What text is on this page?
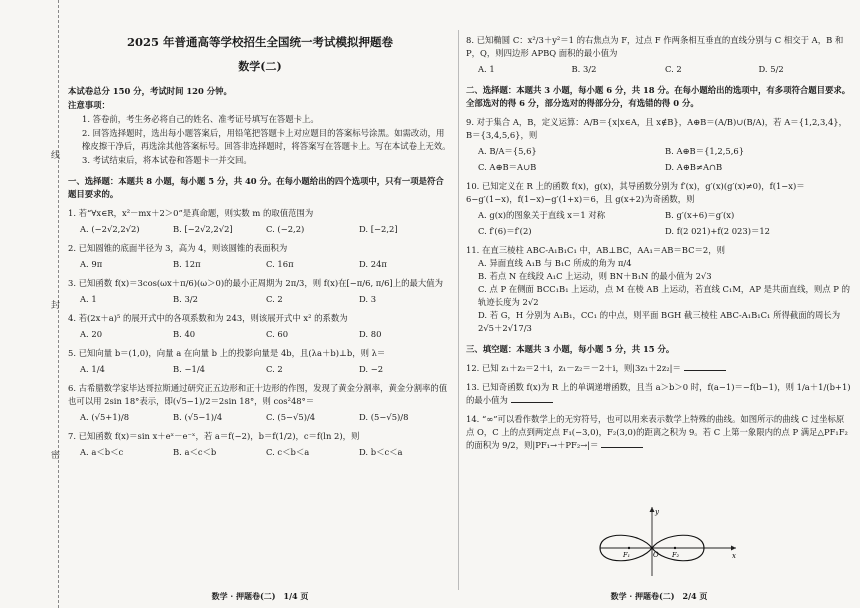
线
封
密
2025 年普通高等学校招生全国统一考试模拟押题卷
数学(二)

本试卷总分 150 分，考试时间 120 分钟。

注意事项：

1. 答卷前，考生务必将自己的姓名、准考证号填写在答题卡上。

2. 回答选择题时，选出每小题答案后，用铅笔把答题卡上对应题目的答案标号涂黑。如需改动，用橡皮擦干净后，再选涂其他答案标号。回答非选择题时，将答案写在答题卡上。写在本试卷上无效。

3. 考试结束后，将本试卷和答题卡一并交回。

一、选择题：本题共 8 小题，每小题 5 分，共 40 分。在每小题给出的四个选项中，只有一项是符合题目要求的。
1. 若“∀x∈R，x²－mx＋2＞0”是真命题，则实数 m 的取值范围为
A. (−2√2,2√2)	B. [−2√2,2√2]	C. (−2,2)	D. [−2,2]
2. 已知圆锥的底面半径为 3，高为 4，则该圆锥的表面积为
A. 9π	B. 12π	C. 16π	D. 24π
3. 已知函数 f(x)＝3cos(ωx＋π/6)(ω＞0)的最小正周期为 2π/3，则 f(x)在[−π/6, π/6]上的最大值为
A. 1	B. 3/2	C. 2	D. 3
4. 若(2x＋a)⁵ 的展开式中的各项系数和为 243，则该展开式中 x² 的系数为
A. 20	B. 40	C. 60	D. 80
5. 已知向量 b＝(1,0)，向量 a 在向量 b 上的投影向量是 4b，且(λa＋b)⊥b，则 λ＝
A. 1/4	B. −1/4	C. 2	D. −2
6. 古希腊数学家毕达哥拉斯通过研究正五边形和正十边形的作图，发现了黄金分割率，黄金分割率的值也可以用 2sin 18°表示，即(√5−1)/2＝2sin 18°，则 cos²48°＝
A. (√5+1)/8	B. (√5−1)/4	C. (5−√5)/4	D. (5−√5)/8
7. 已知函数 f(x)＝sin x＋eˣ－e⁻ˣ，若 a＝f(−2)，b＝f(1/2)，c＝f(ln 2)，则
A. a＜b＜c	B. a＜c＜b	C. c＜b＜a	D. b＜c＜a
数学 · 押题卷(二)　1/4 页
8. 已知椭圆 C：x²/3＋y²＝1 的右焦点为 F，过点 F 作两条相互垂直的直线分别与 C 相交于 A，B 和 P，Q，则四边形 APBQ 面积的最小值为
A. 1	B. 3/2	C. 2	D. 5/2
二、选择题：本题共 3 小题，每小题 6 分，共 18 分。在每小题给出的选项中，有多项符合题目要求。全部选对的得 6 分，部分选对的得部分分，有选错的得 0 分。
9. 对于集合 A，B，定义运算：A/B＝{x|x∈A，且 x∉B}，A⊕B＝(A/B)∪(B/A)，若 A＝{1,2,3,4}，B＝{3,4,5,6}，则
A. B/A＝{5,6}	B. A⊕B＝{1,2,5,6}
C. A⊕B＝A∪B	D. A⊕B≠A∩B
10. 已知定义在 R 上的函数 f(x)，g(x)，其导函数分别为 f′(x)，g′(x)(g′(x)≠0)，f(1−x)＝6−g′(1−x)，f(1−x)−g′(1+x)＝6，且 g(x+2)为奇函数，则
A. g(x)的图象关于直线 x＝1 对称	B. g′(x+6)＝g′(x)
C. f′(6)＝f′(2)	D. f(2 021)+f(2 023)＝12
11. 在直三棱柱 ABC-A₁B₁C₁ 中，AB⊥BC，AA₁＝AB＝BC＝2，则
A. 异面直线 A₁B 与 B₁C 所成的角为 π/4
B. 若点 N 在线段 A₁C 上运动，则 BN＋B₁N 的最小值为 2√3
C. 点 P 在侧面 BCC₁B₁ 上运动，点 M 在棱 AB 上运动，若直线 C₁M，AP 是共面直线，则点 P 的轨迹长度为 2√2
D. 若 G，H 分别为 A₁B₁，CC₁ 的中点，则平面 BGH 截三棱柱 ABC-A₁B₁C₁ 所得截面的周长为 2√5＋2√17/3
三、填空题：本题共 3 小题，每小题 5 分，共 15 分。
12. 已知 z₁＋z₂＝2＋i，z₁－z₂＝－2＋i，则|3z₁＋2z₂|＝
13. 已知奇函数 f(x)为 R 上的单调递增函数，且当 a＞b＞0 时，f(a−1)＝−f(b−1)，则 1/a＋1/(b+1) 的最小值为
14. “∞”可以看作数学上的无穷符号，也可以用来表示数学上特殊的曲线。如图所示的曲线 C 过坐标原点 O，C 上的点到两定点 F₁(−3,0)，F₂(3,0)的距离之积为 9。若 C 上第一象限内的点 P 满足△PF₁F₂ 的面积为 9/2，则|PF₁→＋PF₂→|＝
数学 · 押题卷(二)　2/4 页
y
x
O
F₁	F₂
